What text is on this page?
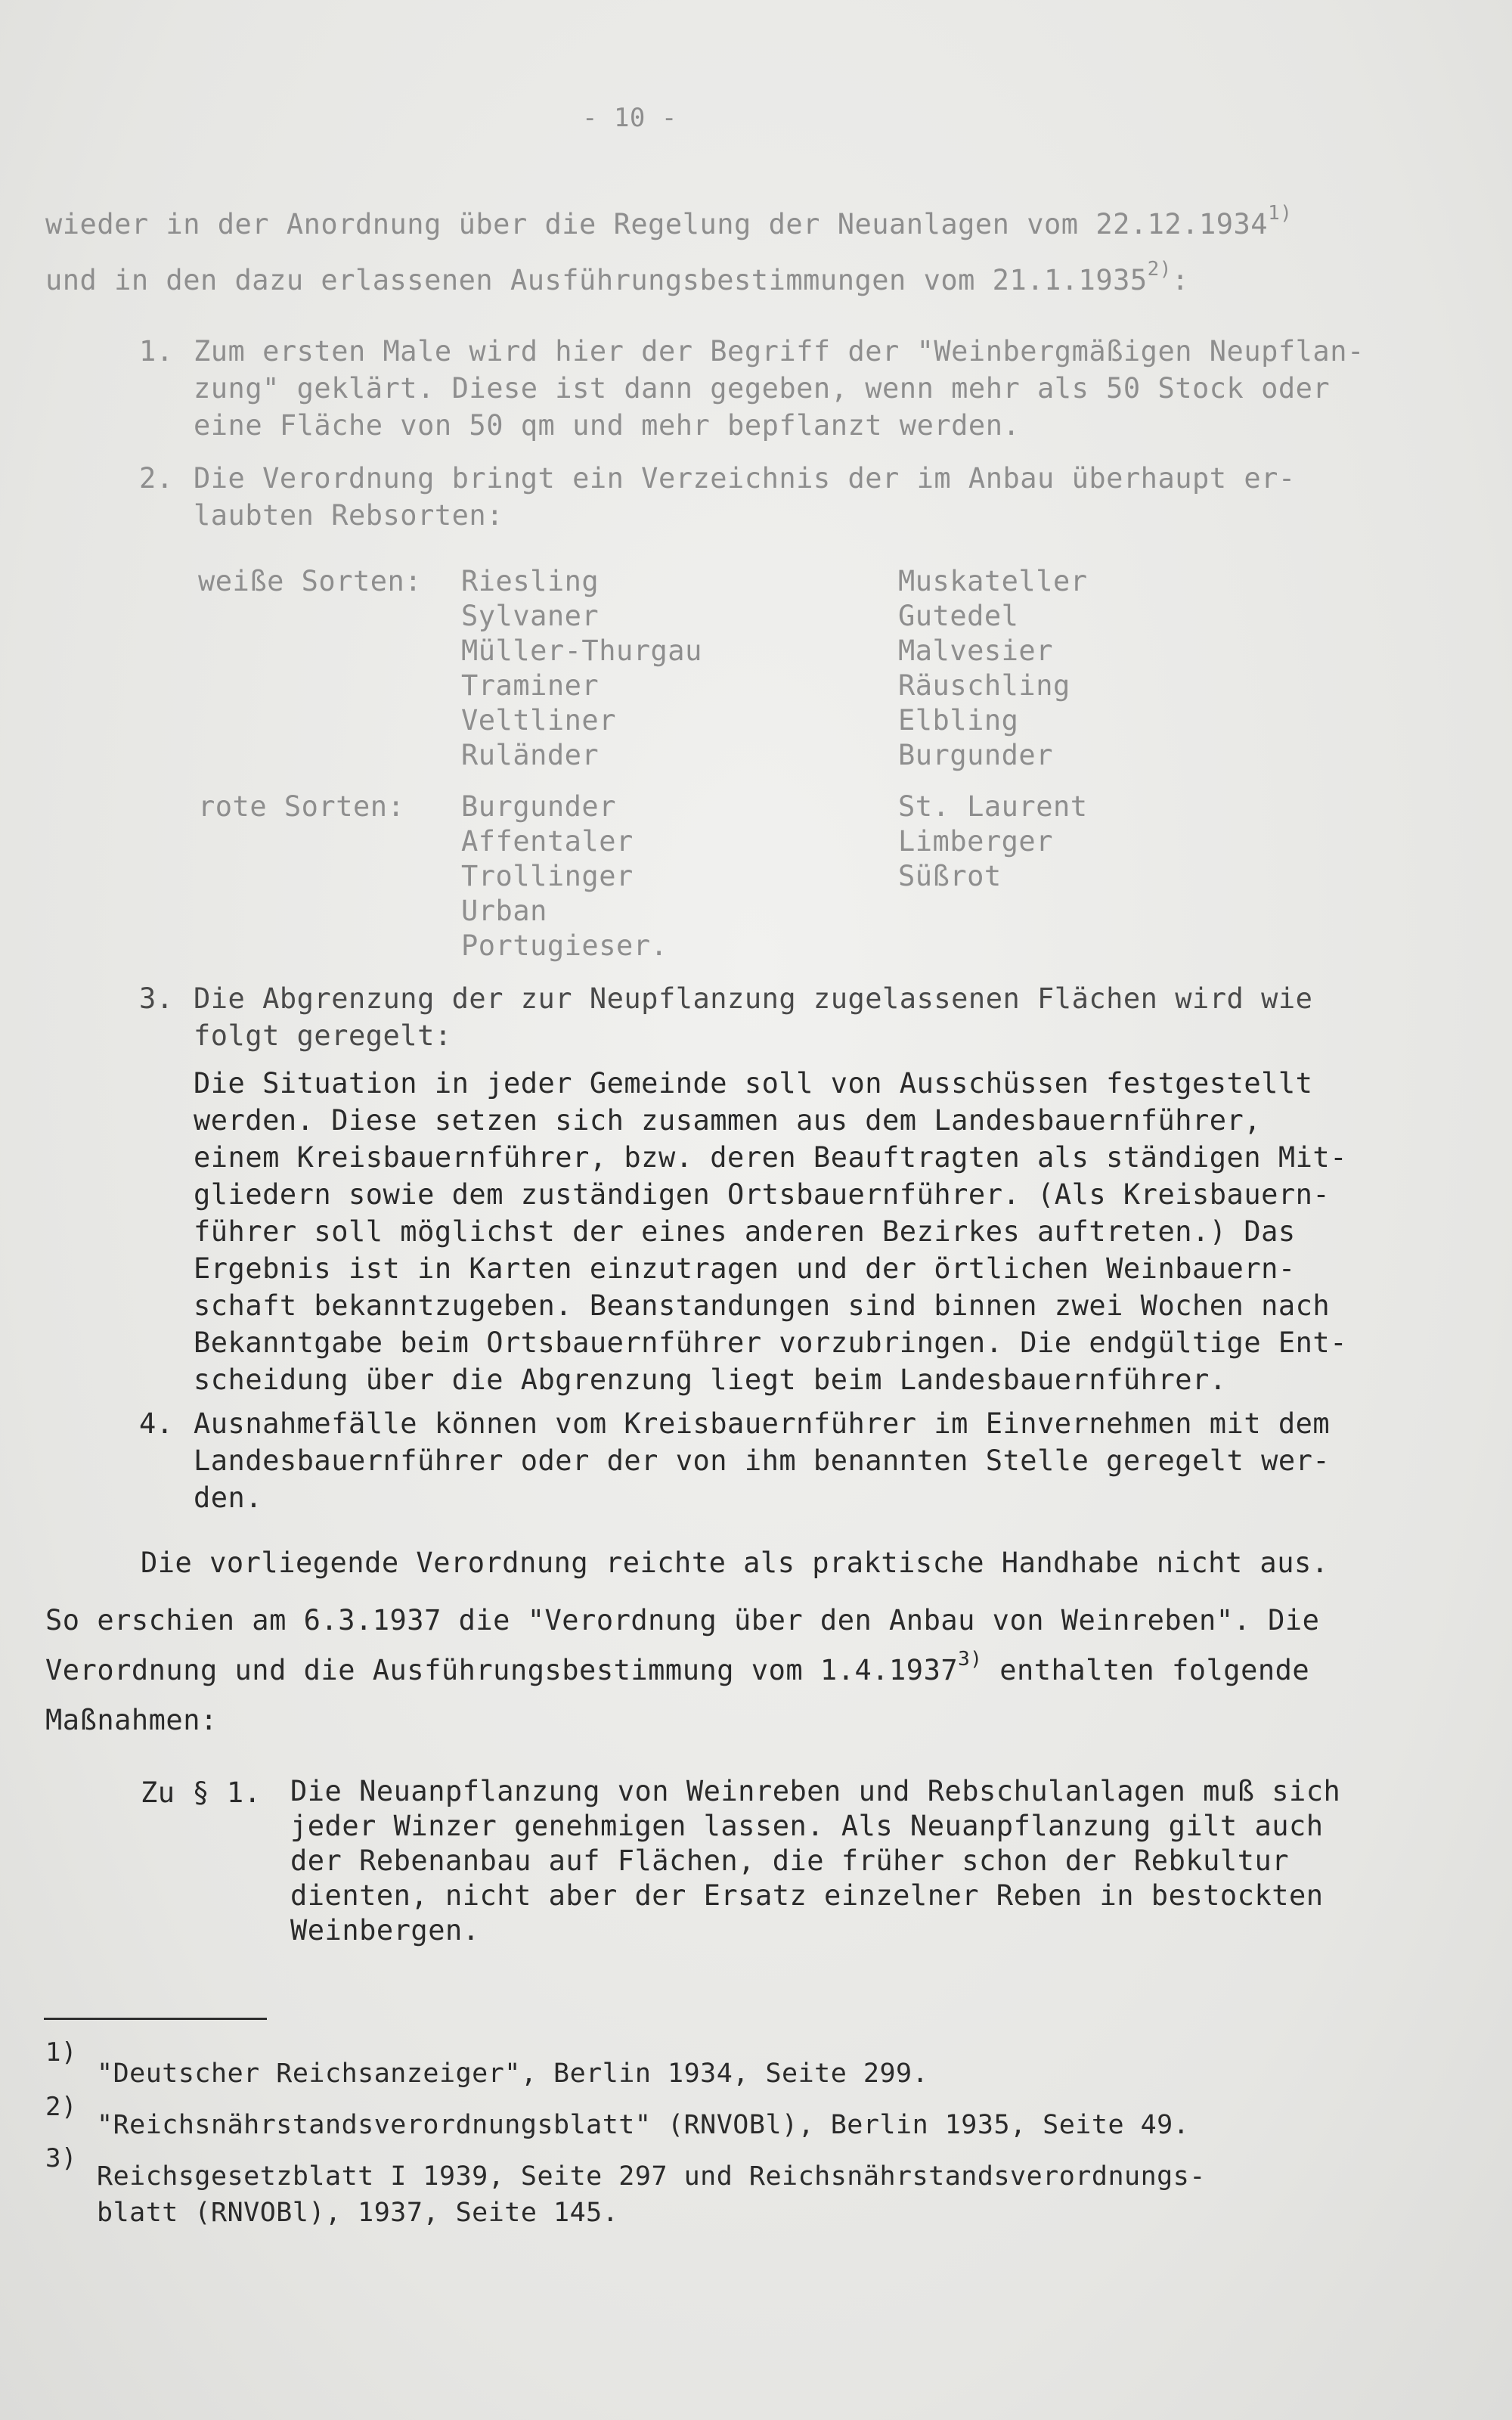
- 10 -
wieder in der Anordnung über die Regelung der Neuanlagen vom 22.12.1934$^{1)}$
und in den dazu erlassenen Ausführungsbestimmungen vom 21.1.1935$^{2)}$:
1. Zum ersten Male wird hier der Begriff der "Weinbergmäßigen Neupflan-
zung" geklärt. Diese ist dann gegeben, wenn mehr als 50 Stock oder
eine Fläche von 50 qm und mehr bepflanzt werden.
2. Die Verordnung bringt ein Verzeichnis der im Anbau überhaupt er-
laubten Rebsorten:
weiße Sorten: Riesling
Sylvaner
Müller-Thurgau
Traminer
Veltliner
Ruländer
Muskateller
Gutedel
Malvesier
Räuschling
Elbling
Burgunder
rote Sorten: Burgunder
Affentaler
Trollinger
Urban
Portugieser.
St. Laurent
Limberger
Süßrot
3. Die Abgrenzung der zur Neupflanzung zugelassenen Flächen wird wie
folgt geregelt:
Die Situation in jeder Gemeinde soll von Ausschüssen festgestellt
werden. Diese setzen sich zusammen aus dem Landesbauernführer,
einem Kreisbauernführer, bzw. deren Beauftragten als ständigen Mit-
gliedern sowie dem zuständigen Ortsbauernführer. (Als Kreisbauern-
führer soll möglichst der eines anderen Bezirkes auftreten.) Das
Ergebnis ist in Karten einzutragen und der örtlichen Weinbauern-
schaft bekanntzugeben. Beanstandungen sind binnen zwei Wochen nach
Bekanntgabe beim Ortsbauernführer vorzubringen. Die endgültige Ent-
scheidung über die Abgrenzung liegt beim Landesbauernführer.
4. Ausnahmefälle können vom Kreisbauernführer im Einvernehmen mit dem
Landesbauernführer oder der von ihm benannten Stelle geregelt wer-
den.
Die vorliegende Verordnung reichte als praktische Handhabe nicht aus.
So erschien am 6.3.1937 die "Verordnung über den Anbau von Weinreben". Die
Verordnung und die Ausführungsbestimmung vom 1.4.1937$^{3)}$ enthalten folgende
Maßnahmen:
Zu § 1. Die Neuanpflanzung von Weinreben und Rebschulanlagen muß sich
jeder Winzer genehmigen lassen. Als Neuanpflanzung gilt auch
der Rebenanbau auf Flächen, die früher schon der Rebkultur
dienten, nicht aber der Ersatz einzelner Reben in bestockten
Weinbergen.
1)
2)
3)
"Deutscher Reichsanzeiger", Berlin 1934, Seite 299.
"Reichsnährstandsverordnungsblatt" (RNVOBl), Berlin 1935, Seite 49.
Reichsgesetzblatt I 1939, Seite 297 und Reichsnährstandsverordnungs-
blatt (RNVOBl), 1937, Seite 145.
